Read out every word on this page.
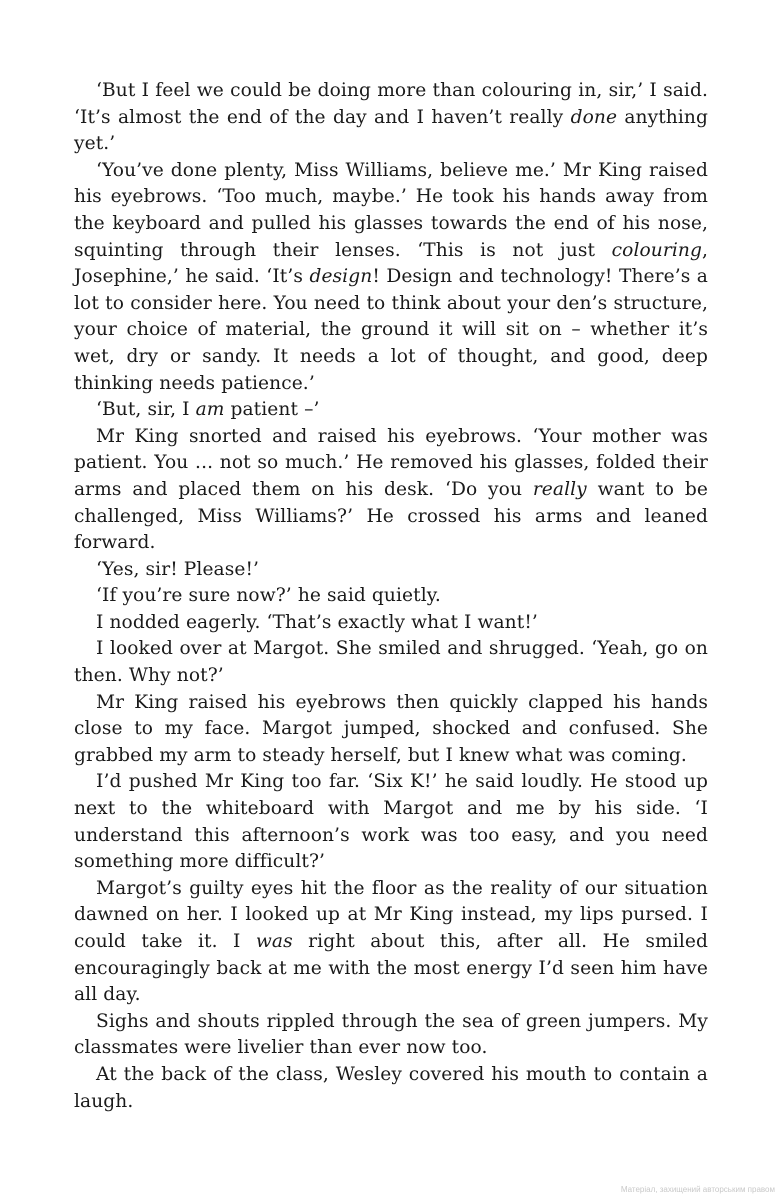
‘But I feel we could be doing more than colouring in, sir,’ I said. ‘It’s almost the end of the day and I haven’t really done anything yet.’

‘You’ve done plenty, Miss Williams, believe me.’ Mr King raised his eyebrows. ‘Too much, maybe.’ He took his hands away from the keyboard and pulled his glasses towards the end of his nose, squinting through their lenses. ‘This is not just colouring, Josephine,’ he said. ‘It’s design! Design and technology! There’s a lot to consider here. You need to think about your den’s structure, your choice of material, the ground it will sit on – whether it’s wet, dry or sandy. It needs a lot of thought, and good, deep thinking needs patience.’

‘But, sir, I am patient –’

Mr King snorted and raised his eyebrows. ‘Your mother was patient. You ... not so much.’ He removed his glasses, folded their arms and placed them on his desk. ‘Do you really want to be challenged, Miss Williams?’ He crossed his arms and leaned forward.

‘Yes, sir! Please!’

‘If you’re sure now?’ he said quietly.

I nodded eagerly. ‘That’s exactly what I want!’

I looked over at Margot. She smiled and shrugged. ‘Yeah, go on then. Why not?’

Mr King raised his eyebrows then quickly clapped his hands close to my face. Margot jumped, shocked and confused. She grabbed my arm to steady herself, but I knew what was coming.

I’d pushed Mr King too far. ‘Six K!’ he said loudly. He stood up next to the whiteboard with Margot and me by his side. ‘I understand this afternoon’s work was too easy, and you need something more difficult?’

Margot’s guilty eyes hit the floor as the reality of our situation dawned on her. I looked up at Mr King instead, my lips pursed. I could take it. I was right about this, after all. He smiled encouragingly back at me with the most energy I’d seen him have all day.

Sighs and shouts rippled through the sea of green jumpers. My classmates were livelier than ever now too.

At the back of the class, Wesley covered his mouth to contain a laugh.

Матеріал, захищений авторським правом
